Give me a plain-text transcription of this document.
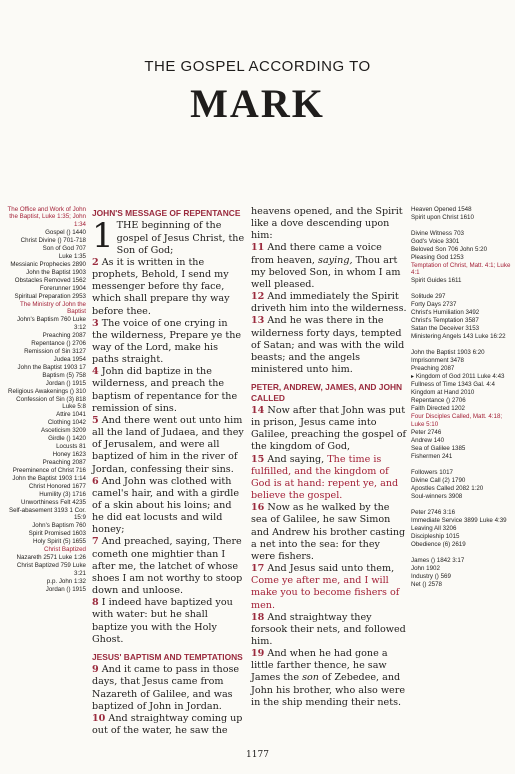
THE GOSPEL ACCORDING TO
MARK
The Office and Work of John the Baptist, Luke 1:35; John 1:34
Gospel () 1440
Christ Divine () 701-718
Son of God 707
Luke 1:35
Messianic Prophecies 2890
John the Baptist 1903
Obstacles Removed 1562
Forerunner 1904
Spiritual Preparation 2953
The Ministry of John the Baptist
John's Baptism 760 Luke 3:12
Preaching 2087
Repentance () 2706
Remission of Sin 3127
Judea 1954
John the Baptist 1903 17
Baptism (5) 758
Jordan () 1915
Religious Awakenings () 310
Confession of Sin (3) 818 Luke 5:8
Attire 1041
Clothing 1042
Asceticism 3209
Girdle () 1420
Locusts 81
Honey 1623
Preaching 2087
Preeminence of Christ 716
John the Baptist 1903 1:14
Christ Honored 1677
Humility (3) 1716
Unworthiness Felt 4235
Self-abasement 3193 1 Cor. 15:9
John's Baptism 760
Spirit Promised 1603
Holy Spirit (5) 1655
Christ Baptized
Nazareth 2571 Luke 1:26
Christ Baptized 759 Luke 3:21
p.p. John 1:32
Jordan () 1915
JOHN'S MESSAGE OF REPENTANCE

1 THE beginning of the gospel of Jesus Christ, the Son of God;

2 As it is written in the prophets, Behold, I send my messenger before thy face, which shall prepare thy way before thee.

3 The voice of one crying in the wilderness, Prepare ye the way of the Lord, make his paths straight.

4 John did baptize in the wilderness, and preach the baptism of repentance for the remission of sins.

5 And there went out unto him all the land of Judaea, and they of Jerusalem, and were all baptized of him in the river of Jordan, confessing their sins.

6 And John was clothed with camel's hair, and with a girdle of a skin about his loins; and he did eat locusts and wild honey;

7 And preached, saying, There cometh one mightier than I after me, the latchet of whose shoes I am not worthy to stoop down and unloose.

8 I indeed have baptized you with water: but he shall baptize you with the Holy Ghost.

JESUS' BAPTISM AND TEMPTATIONS

9 And it came to pass in those days, that Jesus came from Nazareth of Galilee, and was baptized of John in Jordan.

10 And straightway coming up out of the water, he saw the

heavens opened, and the Spirit like a dove descending upon him:

11 And there came a voice from heaven, saying, Thou art my beloved Son, in whom I am well pleased.

12 And immediately the Spirit driveth him into the wilderness.

13 And he was there in the wilderness forty days, tempted of Satan; and was with the wild beasts; and the angels ministered unto him.

PETER, ANDREW, JAMES, AND JOHN CALLED

14 Now after that John was put in prison, Jesus came into Galilee, preaching the gospel of the kingdom of God,

15 And saying, The time is fulfilled, and the kingdom of God is at hand: repent ye, and believe the gospel.

16 Now as he walked by the sea of Galilee, he saw Simon and Andrew his brother casting a net into the sea: for they were fishers.

17 And Jesus said unto them, Come ye after me, and I will make you to become fishers of men.

18 And straightway they forsook their nets, and followed him.

19 And when he had gone a little farther thence, he saw James the son of Zebedee, and John his brother, who also were in the ship mending their nets.

Heaven Opened 1548
Spirit upon Christ 1610

Divine Witness 703
God's Voice 3301
Beloved Son 706 John 5:20
Pleasing God 1253
Temptation of Christ, Matt. 4:1; Luke 4:1
Spirit Guides 1611

Solitude 297
Forty Days 2737
Christ's Humiliation 3492
Christ's Temptation 3587
Satan the Deceiver 3153
Ministering Angels 143 Luke 16:22

John the Baptist 1903 6:20
Imprisonment 3478
Preaching 2087
▸ Kingdom of God 2011 Luke 4:43
Fullness of Time 1343 Gal. 4:4
Kingdom at Hand 2010
Repentance () 2706
Faith Directed 1202
Four Disciples Called, Matt. 4:18; Luke 5:10
Peter 2746
Andrew 140
Sea of Galilee 1385
Fishermen 241

Followers 1017
Divine Call (2) 1790
Apostles Called 2082 1:20
Soul-winners 3908

Peter 2746 3:16
Immediate Service 3899 Luke 4:39
Leaving All 3206
Discipleship 1015
Obedience (6) 2619

James () 1842 3:17
John 1902
Industry () 569
Net () 2578
1177
